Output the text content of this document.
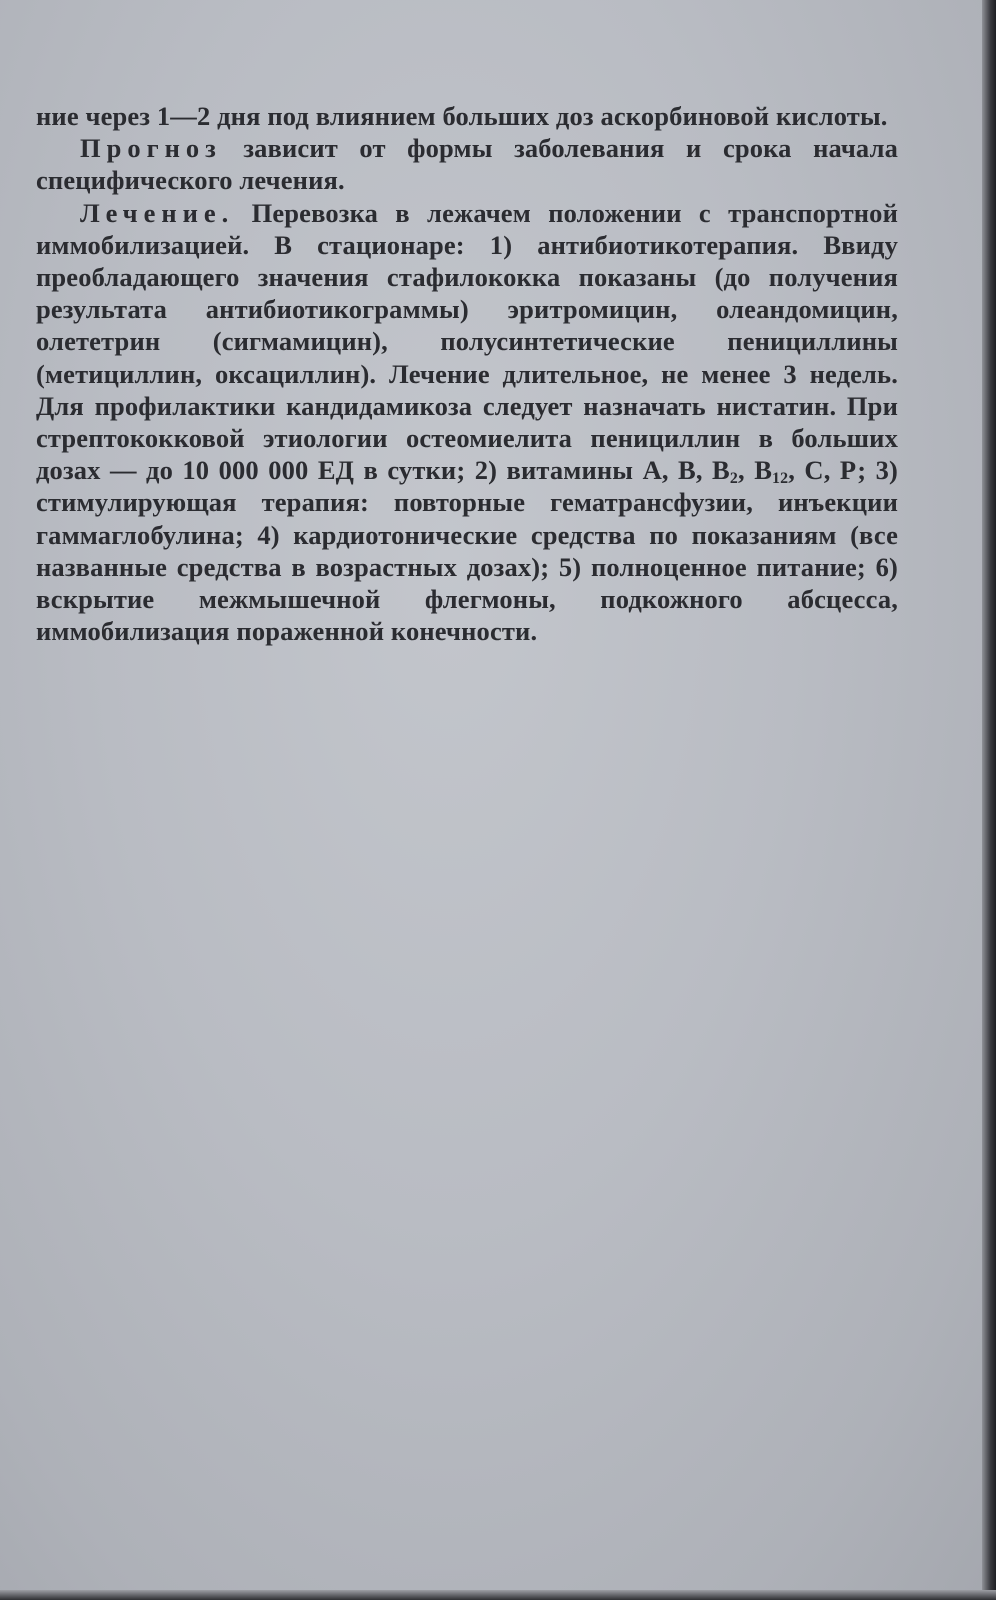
ние через 1—2 дня под влиянием больших доз аскорбиновой кислоты.

Прогноз зависит от формы заболевания и срока начала специфического лечения.

Лечение. Перевозка в лежачем положении с транспортной иммобилизацией. В стационаре: 1) антибиотикотерапия. Ввиду преобладающего значения стафилококка показаны (до получения результата антибиотикограммы) эритромицин, олеандомицин, олететрин (сигмамицин), полусинтетические пенициллины (метициллин, оксациллин). Лечение длительное, не менее 3 недель. Для профилактики кандидамикоза следует назначать нистатин. При стрептококковой этиологии остеомиелита пенициллин в больших дозах — до 10 000 000 ЕД в сутки; 2) витамины А, В, $В_2$, $В_{12}$, С, Р; 3) стимулирующая терапия: повторные гематрансфузии, инъекции гаммаглобулина; 4) кардиотонические средства по показаниям (все названные средства в возрастных дозах); 5) полноценное питание; 6) вскрытие межмышечной флегмоны, подкожного абсцесса, иммобилизация пораженной конечности.
